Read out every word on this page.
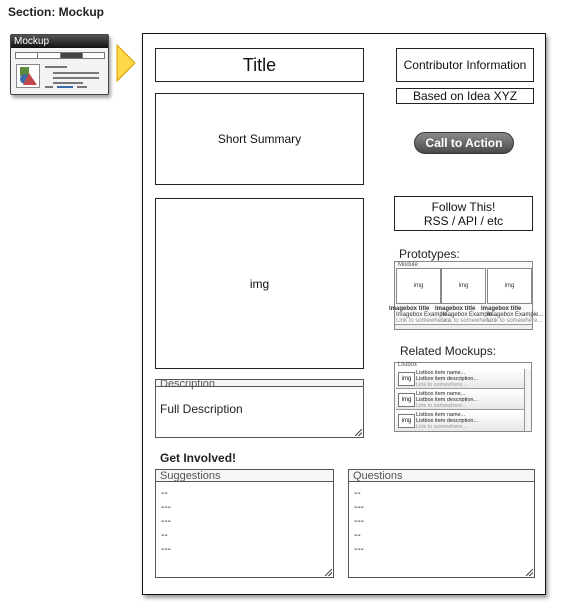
Section: Mockup
Mockup
Title	Contributor Information
Based on Idea XYZ
Short Summary	Call to Action
Follow This!
RSS / API / etc
img
Prototypes:
Module
img	img	img
Imagebox title Imagebox title Imagebox title
Imagebox Example...
Imagebox Example...
Imagebox Example...
Link to somewhere...
Link to somewhere...
Link to somewhere...
Related Mockups:
Listbox
img
Listbox item name...
Listbox item description...
Link to somewhere...
img
Listbox item name...
Listbox item description...
Link to somewhere...
img
Listbox item name...
Listbox item description...
Link to somewhere...
Description
Full Description
Get Involved!
Suggestions
--
---
---
--
---
Questions
--
---
---
--
---
